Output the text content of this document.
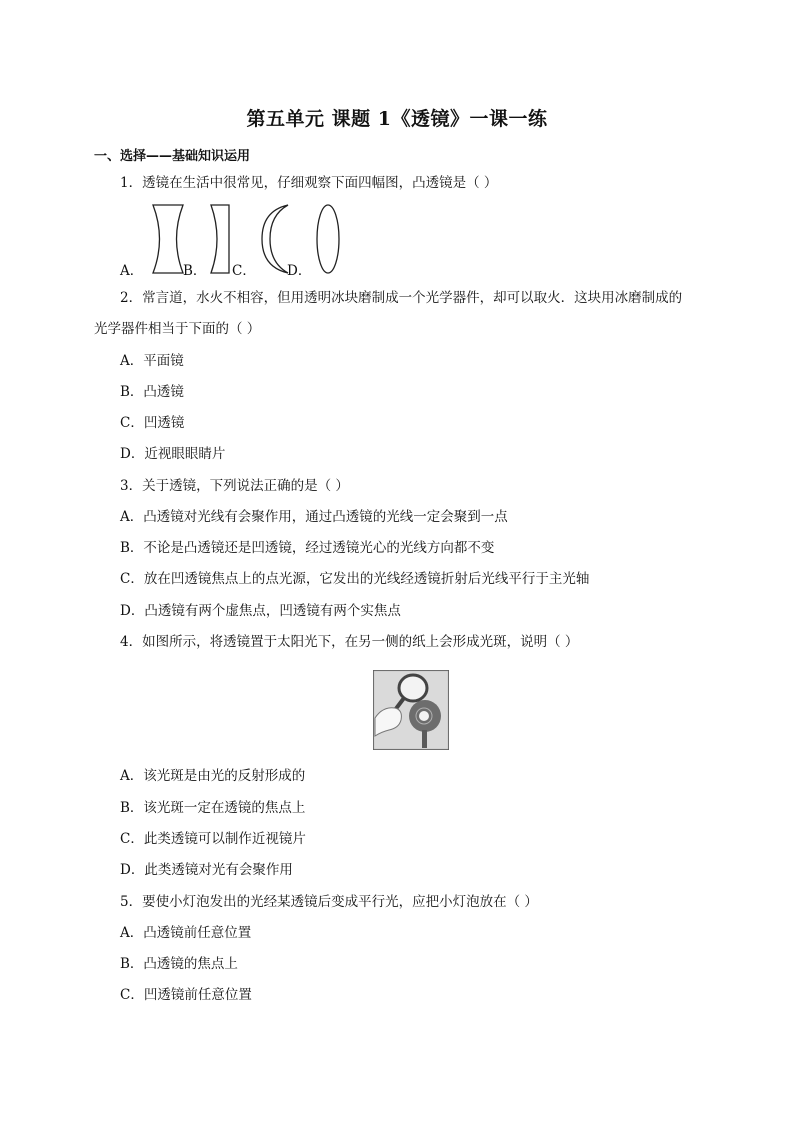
第五单元 课题 1《透镜》一课一练
一、选择——基础知识运用
1．透镜在生活中很常见，仔细观察下面四幅图，凸透镜是（ ）
A．	B． C． D．
2．常言道，水火不相容，但用透明冰块磨制成一个光学器件，却可以取火．这块用冰磨制成的
光学器件相当于下面的（ ）
A．平面镜
B．凸透镜
C．凹透镜
D．近视眼眼睛片
3．关于透镜，下列说法正确的是（ ）
A．凸透镜对光线有会聚作用，通过凸透镜的光线一定会聚到一点
B．不论是凸透镜还是凹透镜，经过透镜光心的光线方向都不变
C．放在凹透镜焦点上的点光源，它发出的光线经透镜折射后光线平行于主光轴
D．凸透镜有两个虚焦点，凹透镜有两个实焦点
4．如图所示，将透镜置于太阳光下，在另一侧的纸上会形成光斑，说明（ ）
A．该光斑是由光的反射形成的
B．该光斑一定在透镜的焦点上
C．此类透镜可以制作近视镜片
D．此类透镜对光有会聚作用
5．要使小灯泡发出的光经某透镜后变成平行光，应把小灯泡放在（ ）
A．凸透镜前任意位置
B．凸透镜的焦点上
C．凹透镜前任意位置
